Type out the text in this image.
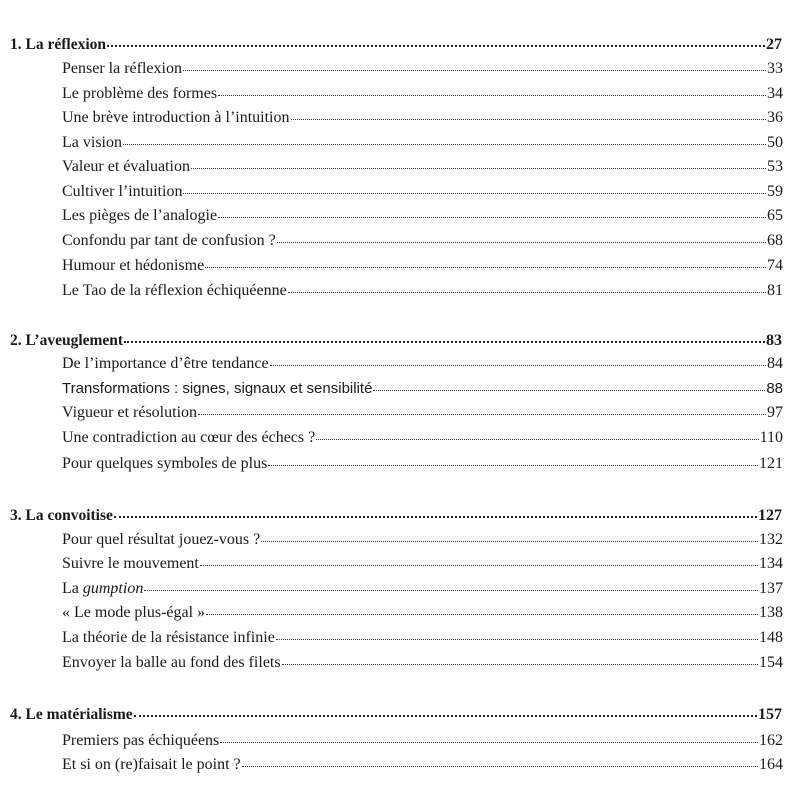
1. La réflexion	27
Penser la réflexion	33
Le problème des formes	34
Une brève introduction à l’intuition	36
La vision	50
Valeur et évaluation	53
Cultiver l’intuition	59
Les pièges de l’analogie	65
Confondu par tant de confusion ?	68
Humour et hédonisme	74
Le Tao de la réflexion échiquéenne	81
2. L’aveuglement	83
De l’importance d’être tendance	84
Transformations : signes, signaux et sensibilité	88
Vigueur et résolution	97
Une contradiction au cœur des échecs ?	110
Pour quelques symboles de plus	121
3. La convoitise	127
Pour quel résultat jouez-vous ?	132
Suivre le mouvement	134
La gumption	137
« Le mode plus-égal »	138
La théorie de la résistance infinie	148
Envoyer la balle au fond des filets	154
4. Le matérialisme	157
Premiers pas échiquéens	162
Et si on (re)faisait le point ?	164
